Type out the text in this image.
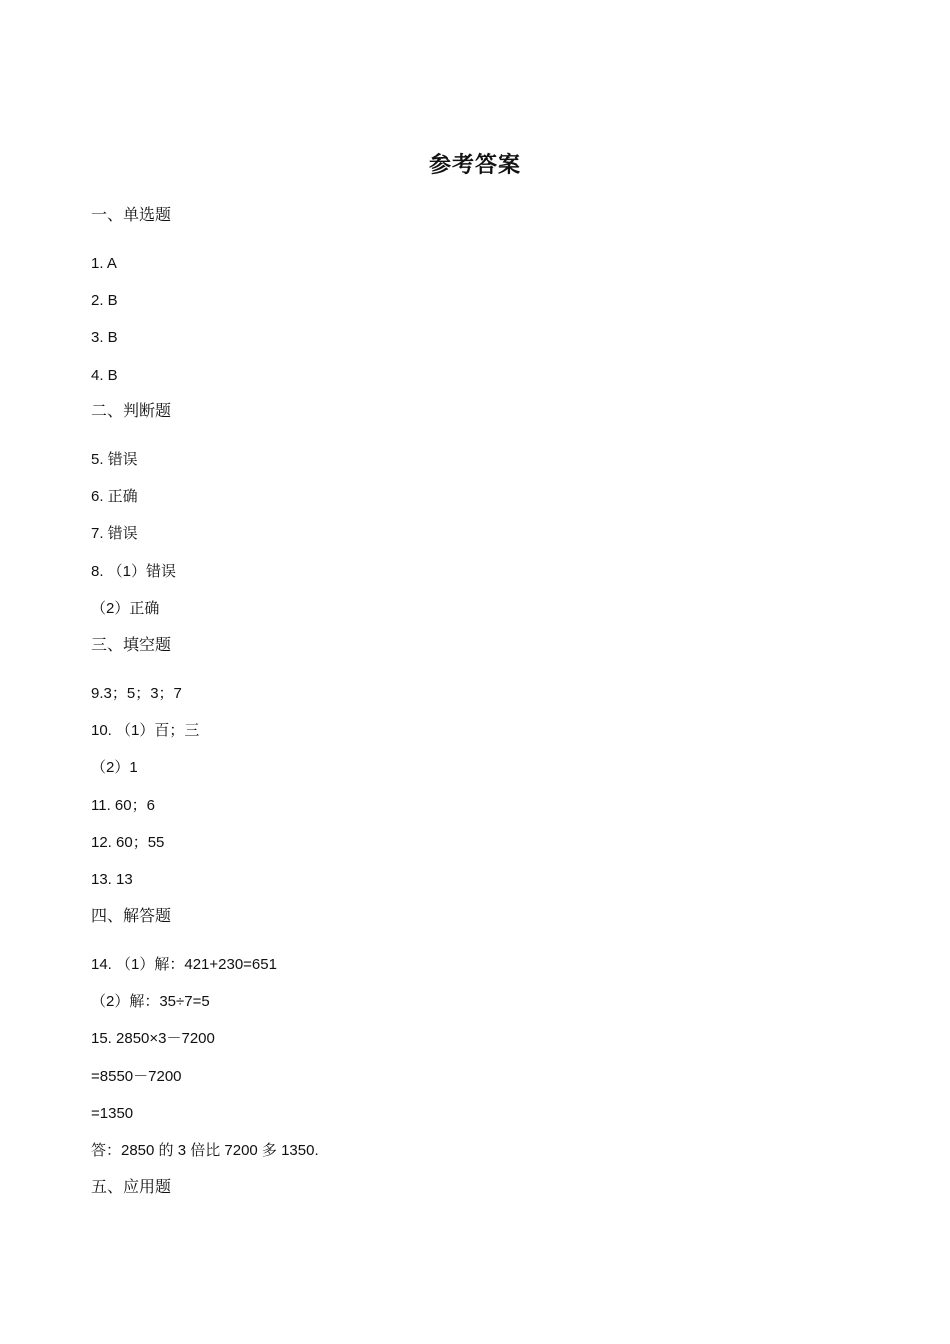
参考答案
一、单选题
1. A
2. B
3. B
4. B
二、判断题
5. 错误
6. 正确
7. 错误
8. （1）错误
（2）正确
三、填空题
9.3；5；3；7
10. （1）百；三
（2）1
11. 60；6
12. 60；55
13. 13
四、解答题
14. （1）解：421+230=651
（2）解：35÷7=5
15. 2850×3－7200
=8550－7200
=1350
答：2850 的 3 倍比 7200 多 1350.
五、应用题
